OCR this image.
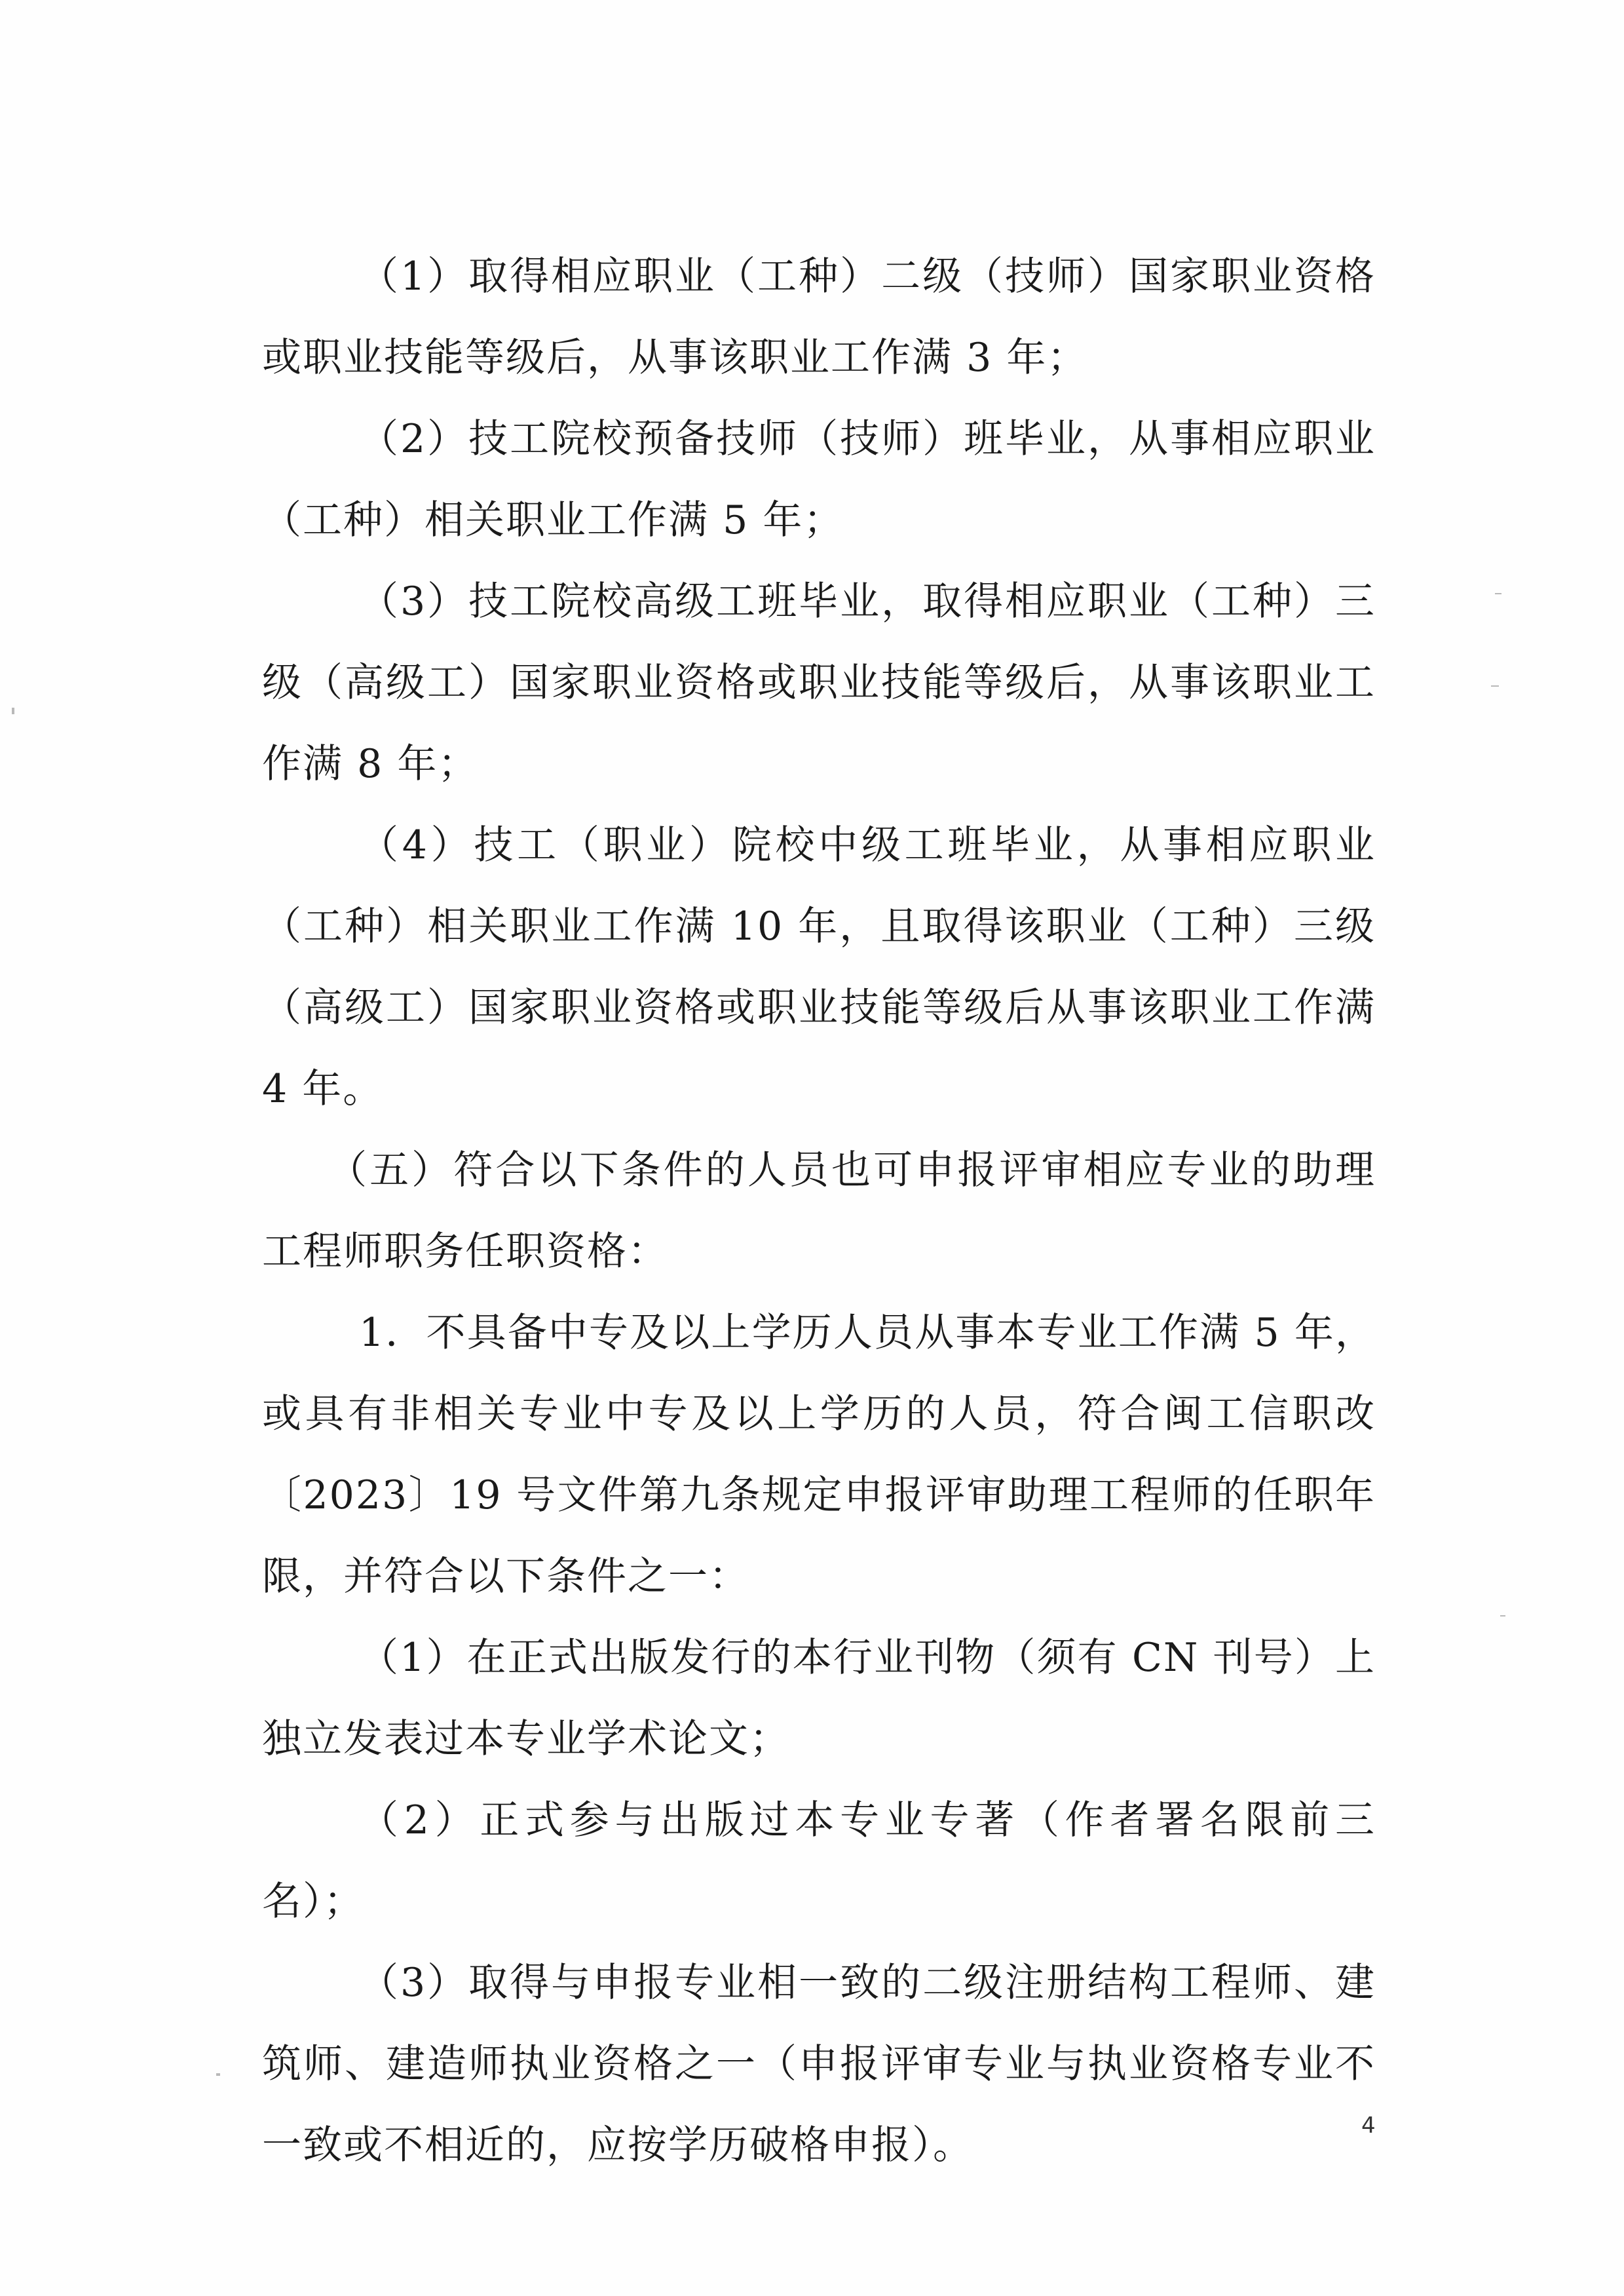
（1）取得相应职业（工种）二级（技师）国家职业资格或职业技能等级后，从事该职业工作满 3 年；

（2）技工院校预备技师（技师）班毕业，从事相应职业（工种）相关职业工作满 5 年；

（3）技工院校高级工班毕业，取得相应职业（工种）三级（高级工）国家职业资格或职业技能等级后，从事该职业工作满 8 年；

（4）技工（职业）院校中级工班毕业，从事相应职业（工种）相关职业工作满 10 年，且取得该职业（工种）三级（高级工）国家职业资格或职业技能等级后从事该职业工作满 4 年。

（五）符合以下条件的人员也可申报评审相应专业的助理工程师职务任职资格：

1．不具备中专及以上学历人员从事本专业工作满 5 年，或具有非相关专业中专及以上学历的人员，符合闽工信职改〔2023〕19 号文件第九条规定申报评审助理工程师的任职年限，并符合以下条件之一：

（1）在正式出版发行的本行业刊物（须有 CN 刊号）上独立发表过本专业学术论文；

（2）正式参与出版过本专业专著（作者署名限前三名）；

（3）取得与申报专业相一致的二级注册结构工程师、建筑师、建造师执业资格之一（申报评审专业与执业资格专业不一致或不相近的，应按学历破格申报）。	4
